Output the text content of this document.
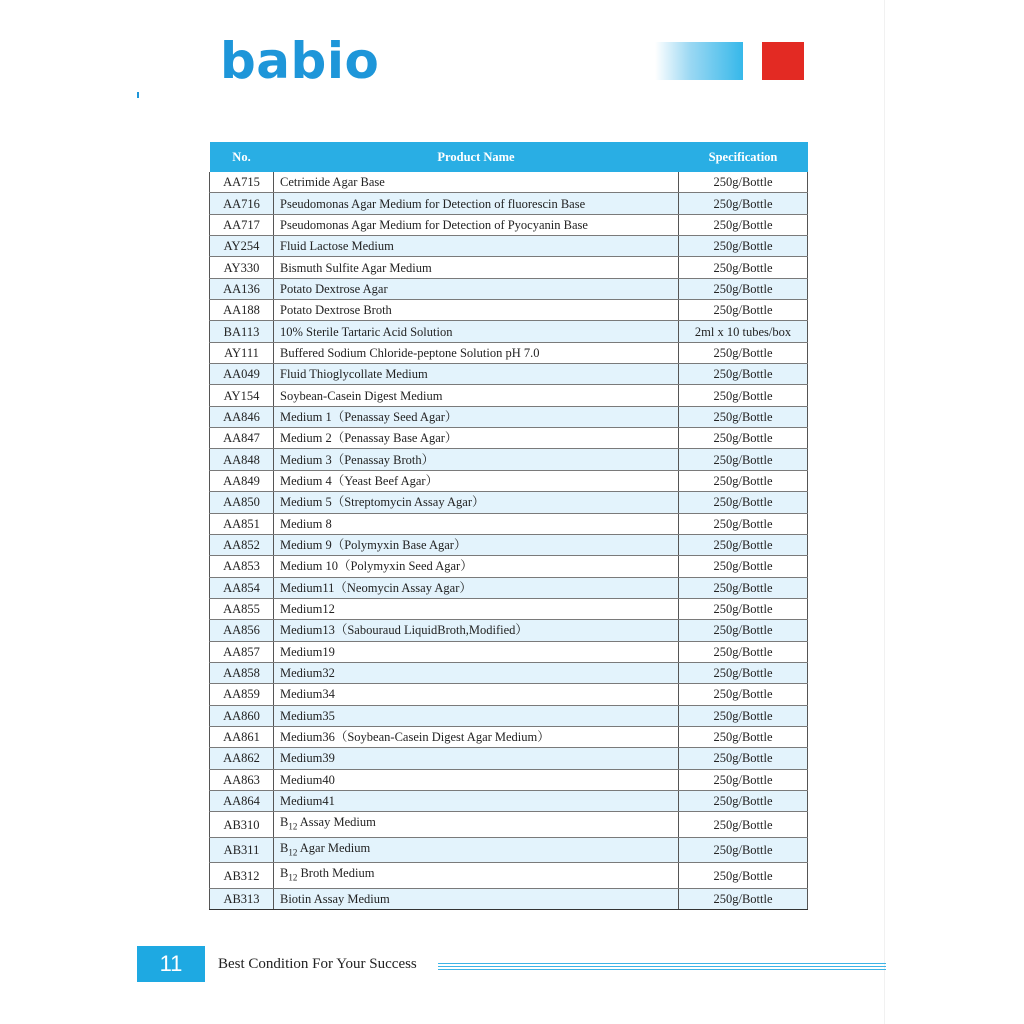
babio
No.	Product Name	Specification
AA715	Cetrimide Agar Base	250g/Bottle
AA716	Pseudomonas Agar Medium for Detection of fluorescin Base	250g/Bottle
AA717	Pseudomonas Agar Medium for Detection of Pyocyanin Base	250g/Bottle
AY254	Fluid Lactose Medium	250g/Bottle
AY330	Bismuth Sulfite Agar Medium	250g/Bottle
AA136	Potato Dextrose Agar	250g/Bottle
AA188	Potato Dextrose Broth	250g/Bottle
BA113	10% Sterile Tartaric Acid Solution	2ml x 10 tubes/box
AY111	Buffered Sodium Chloride-peptone Solution pH 7.0	250g/Bottle
AA049	Fluid Thioglycollate Medium	250g/Bottle
AY154	Soybean-Casein Digest Medium	250g/Bottle
AA846	Medium 1（Penassay Seed Agar）	250g/Bottle
AA847	Medium 2（Penassay Base Agar）	250g/Bottle
AA848	Medium 3（Penassay Broth）	250g/Bottle
AA849	Medium 4（Yeast Beef Agar）	250g/Bottle
AA850	Medium 5（Streptomycin Assay Agar）	250g/Bottle
AA851	Medium 8	250g/Bottle
AA852	Medium 9（Polymyxin Base Agar）	250g/Bottle
AA853	Medium 10（Polymyxin Seed Agar）	250g/Bottle
AA854	Medium11（Neomycin Assay Agar）	250g/Bottle
AA855	Medium12	250g/Bottle
AA856	Medium13（Sabouraud LiquidBroth,Modified）	250g/Bottle
AA857	Medium19	250g/Bottle
AA858	Medium32	250g/Bottle
AA859	Medium34	250g/Bottle
AA860	Medium35	250g/Bottle
AA861	Medium36（Soybean-Casein Digest Agar Medium）	250g/Bottle
AA862	Medium39	250g/Bottle
AA863	Medium40	250g/Bottle
AA864	Medium41	250g/Bottle
AB310	$B_{12}$ Assay Medium	250g/Bottle
AB311	$B_{12}$ Agar Medium	250g/Bottle
AB312	$B_{12}$ Broth Medium	250g/Bottle
AB313	Biotin Assay Medium	250g/Bottle
11	Best Condition For Your Success
